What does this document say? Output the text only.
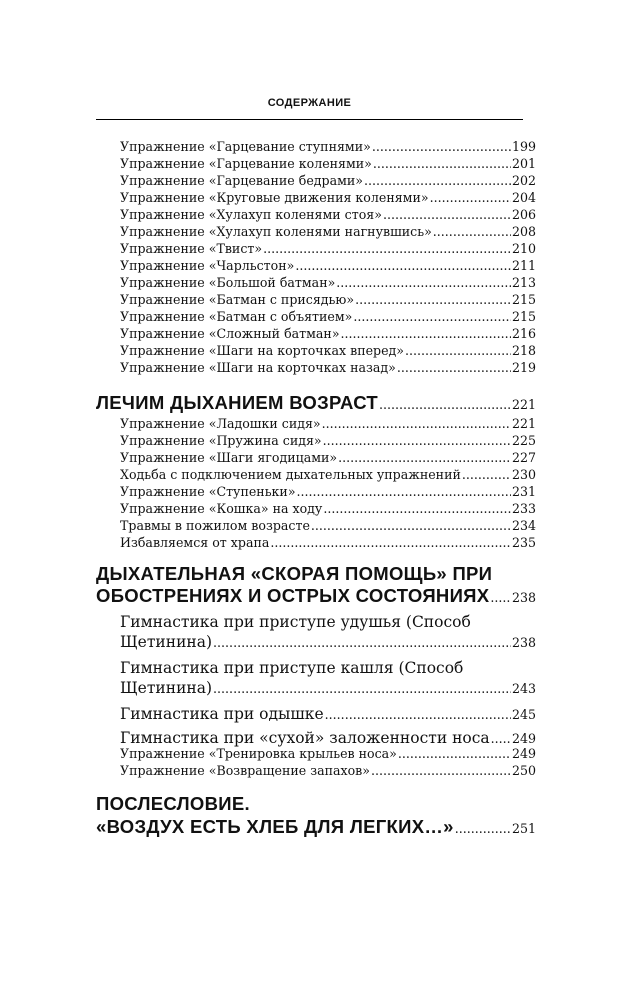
СОДЕРЖАНИЕ
Упражнение «Гарцевание ступнями» .....	199
Упражнение «Гарцевание коленями» .....	201
Упражнение «Гарцевание бедрами» .....	202
Упражнение «Круговые движения коленями» .....	204
Упражнение «Хулахуп коленями стоя» .....	206
Упражнение «Хулахуп коленями нагнувшись» .....	208
Упражнение «Твист» .....	210
Упражнение «Чарльстон» .....	211
Упражнение «Большой батман» .....	213
Упражнение «Батман с присядью» .....	215
Упражнение «Батман с объятием» .....	215
Упражнение «Сложный батман» .....	216
Упражнение «Шаги на корточках вперед» .....	218
Упражнение «Шаги на корточках назад» .....	219
ЛЕЧИМ ДЫХАНИЕМ ВОЗРАСТ .....	221
Упражнение «Ладошки сидя» .....	221
Упражнение «Пружина сидя» .....	225
Упражнение «Шаги ягодицами» .....	227
Ходьба с подключением дыхательных упражнений .....	230
Упражнение «Ступеньки» .....	231
Упражнение «Кошка» на ходу .....	233
Травмы в пожилом возрасте .....	234
Избавляемся от храпа .....	235
ДЫХАТЕЛЬНАЯ «СКОРАЯ ПОМОЩЬ» ПРИ
ОБОСТРЕНИЯХ И ОСТРЫХ СОСТОЯНИЯХ ..... 238
Гимнастика при приступе удушья (Способ
Щетинина) .....	238
Гимнастика при приступе кашля (Способ
Щетинина) .....	243
Гимнастика при одышке .....	245
Гимнастика при «сухой» заложенности носа ..... 249
Упражнение «Тренировка крыльев носа» .....	249
Упражнение «Возвращение запахов» .....	250
ПОСЛЕСЛОВИЕ.
«ВОЗДУХ ЕСТЬ ХЛЕБ ДЛЯ ЛЕГКИХ…» .....	251
